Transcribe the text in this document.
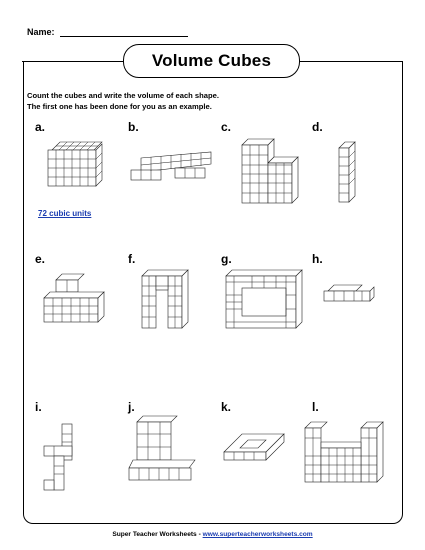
Name:
Volume Cubes
Count the cubes and write the volume of each shape.
The first one has been done for you as an example.
a.	b.	c.	d.
72 cubic units
e.	f.	g.	h.
i.	j.	k.	l.
Super Teacher Worksheets - www.superteacherworksheets.com
